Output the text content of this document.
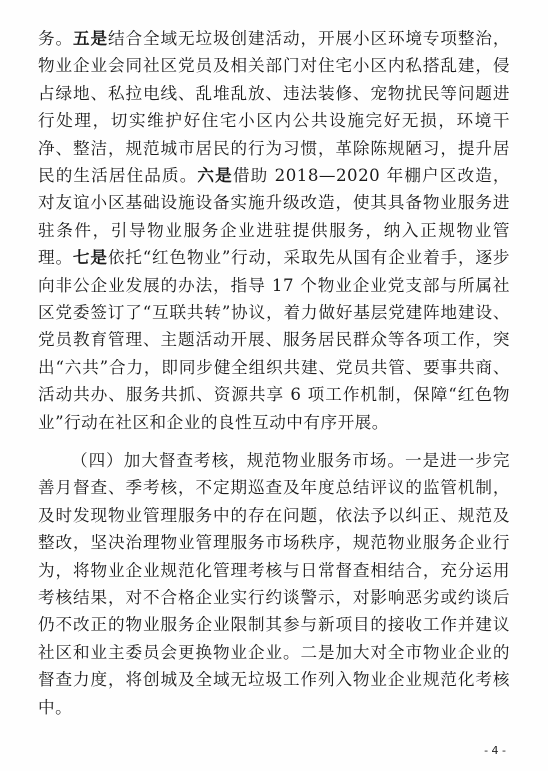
务。五是结合全域无垃圾创建活动，开展小区环境专项整治，物业企业会同社区党员及相关部门对住宅小区内私搭乱建，侵占绿地、私拉电线、乱堆乱放、违法装修、宠物扰民等问题进行处理，切实维护好住宅小区内公共设施完好无损，环境干净、整洁，规范城市居民的行为习惯，革除陈规陋习，提升居民的生活居住品质。六是借助 2018—2020 年棚户区改造，对友谊小区基础设施设备实施升级改造，使其具备物业服务进驻条件，引导物业服务企业进驻提供服务，纳入正规物业管理。七是依托“红色物业”行动，采取先从国有企业着手，逐步向非公企业发展的办法，指导 17 个物业企业党支部与所属社区党委签订了“互联共转”协议，着力做好基层党建阵地建设、党员教育管理、主题活动开展、服务居民群众等各项工作，突出“六共”合力，即同步健全组织共建、党员共管、要事共商、活动共办、服务共抓、资源共享 6 项工作机制，保障“红色物业”行动在社区和企业的良性互动中有序开展。

（四）加大督查考核，规范物业服务市场。一是进一步完善月督查、季考核，不定期巡查及年度总结评议的监管机制，及时发现物业管理服务中的存在问题，依法予以纠正、规范及整改，坚决治理物业管理服务市场秩序，规范物业服务企业行为，将物业企业规范化管理考核与日常督查相结合，充分运用考核结果，对不合格企业实行约谈警示，对影响恶劣或约谈后仍不改正的物业服务企业限制其参与新项目的接收工作并建议社区和业主委员会更换物业企业。二是加大对全市物业企业的督查力度，将创城及全域无垃圾工作列入物业企业规范化考核中。

- 4 -
